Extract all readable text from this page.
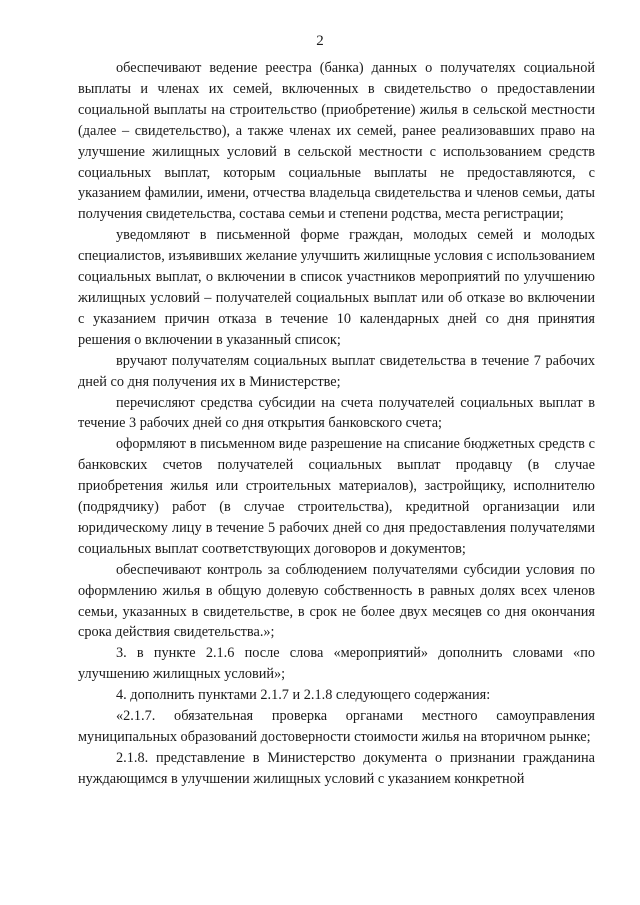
2

обеспечивают ведение реестра (банка) данных о получателях социальной выплаты и членах их семей, включенных в свидетельство о предоставлении социальной выплаты на строительство (приобретение) жилья в сельской местности (далее – свидетельство), а также членах их семей, ранее реализовавших право на улучшение жилищных условий в сельской местности с использованием средств социальных выплат, которым социальные выплаты не предоставляются, с указанием фамилии, имени, отчества владельца свидетельства и членов семьи, даты получения свидетельства, состава семьи и степени родства, места регистрации;

уведомляют в письменной форме граждан, молодых семей и молодых специалистов, изъявивших желание улучшить жилищные условия с использованием социальных выплат, о включении в список участников мероприятий по улучшению жилищных условий – получателей социальных выплат или об отказе во включении с указанием причин отказа в течение 10 календарных дней со дня принятия решения о включении в указанный список;

вручают получателям социальных выплат свидетельства в течение 7 рабочих дней со дня получения их в Министерстве;

перечисляют средства субсидии на счета получателей социальных выплат в течение 3 рабочих дней со дня открытия банковского счета;

оформляют в письменном виде разрешение на списание бюджетных средств с банковских счетов получателей социальных выплат продавцу (в случае приобретения жилья или строительных материалов), застройщику, исполнителю (подрядчику) работ (в случае строительства), кредитной организации или юридическому лицу в течение 5 рабочих дней со дня предоставления получателями социальных выплат соответствующих договоров и документов;

обеспечивают контроль за соблюдением получателями субсидии условия по оформлению жилья в общую долевую собственность в равных долях всех членов семьи, указанных в свидетельстве, в срок не более двух месяцев со дня окончания срока действия свидетельства.»;

3. в пункте 2.1.6 после слова «мероприятий» дополнить словами «по улучшению жилищных условий»;

4. дополнить пунктами 2.1.7 и 2.1.8 следующего содержания:

«2.1.7. обязательная проверка органами местного самоуправления муниципальных образований достоверности стоимости жилья на вторичном рынке;

2.1.8. представление в Министерство документа о признании гражданина нуждающимся в улучшении жилищных условий с указанием конкретной
